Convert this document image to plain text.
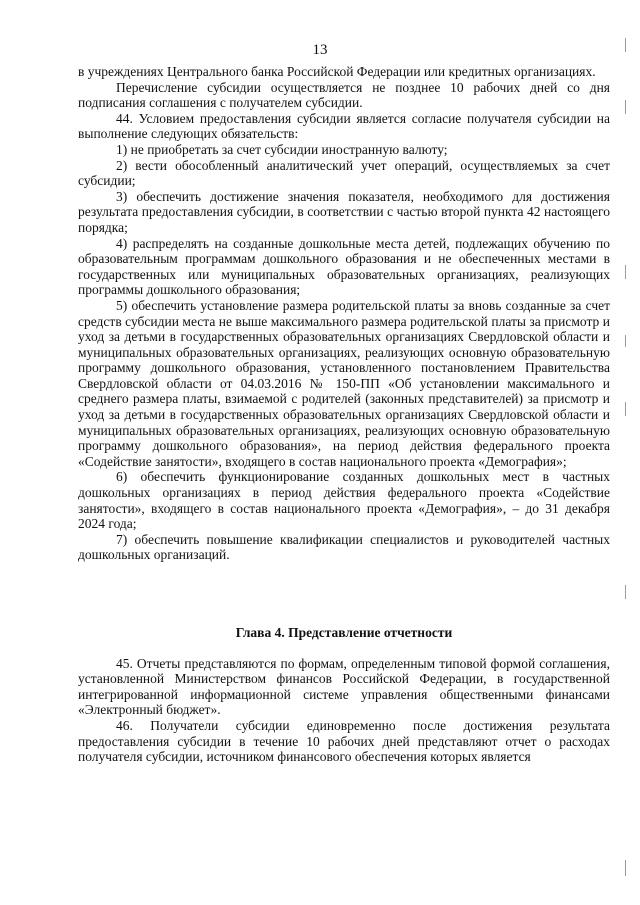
13

в учреждениях Центрального банка Российской Федерации или кредитных организациях.

Перечисление субсидии осуществляется не позднее 10 рабочих дней со дня подписания соглашения с получателем субсидии.

44. Условием предоставления субсидии является согласие получателя субсидии на выполнение следующих обязательств:

1) не приобретать за счет субсидии иностранную валюту;

2) вести обособленный аналитический учет операций, осуществляемых за счет субсидии;

3) обеспечить достижение значения показателя, необходимого для достижения результата предоставления субсидии, в соответствии с частью второй пункта 42 настоящего порядка;

4) распределять на созданные дошкольные места детей, подлежащих обучению по образовательным программам дошкольного образования и не обеспеченных местами в государственных или муниципальных образовательных организациях, реализующих программы дошкольного образования;

5) обеспечить установление размера родительской платы за вновь созданные за счет средств субсидии места не выше максимального размера родительской платы за присмотр и уход за детьми в государственных образовательных организациях Свердловской области и муниципальных образовательных организациях, реализующих основную образовательную программу дошкольного образования, установленного постановлением Правительства Свердловской области от 04.03.2016 № 150-ПП «Об установлении максимального и среднего размера платы, взимаемой с родителей (законных представителей) за присмотр и уход за детьми в государственных образовательных организациях Свердловской области и муниципальных образовательных организациях, реализующих основную образовательную программу дошкольного образования», на период действия федерального проекта «Содействие занятости», входящего в состав национального проекта «Демография»;

6) обеспечить функционирование созданных дошкольных мест в частных дошкольных организациях в период действия федерального проекта «Содействие занятости», входящего в состав национального проекта «Демография», – до 31 декабря 2024 года;

7) обеспечить повышение квалификации специалистов и руководителей частных дошкольных организаций.

Глава 4. Представление отчетности

45. Отчеты представляются по формам, определенным типовой формой соглашения, установленной Министерством финансов Российской Федерации, в государственной интегрированной информационной системе управления общественными финансами «Электронный бюджет».

46. Получатели субсидии единовременно после достижения результата предоставления субсидии в течение 10 рабочих дней представляют отчет о расходах получателя субсидии, источником финансового обеспечения которых является
